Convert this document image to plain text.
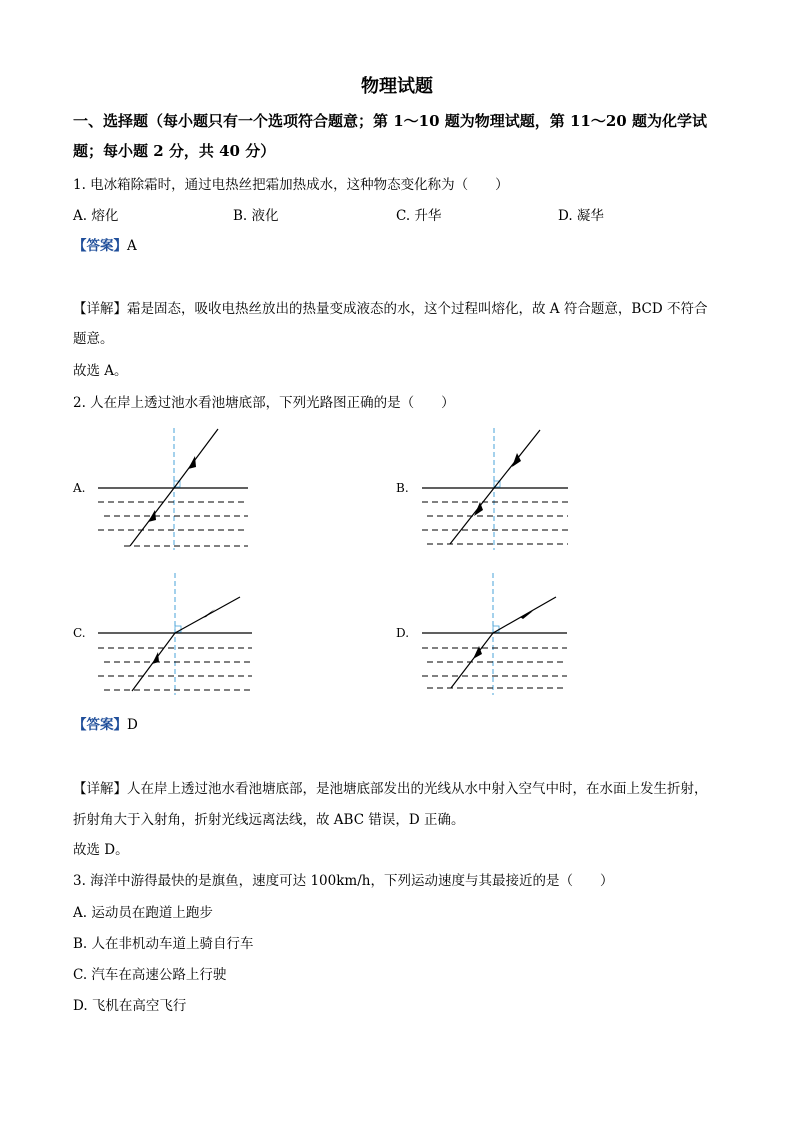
物理试题
一、选择题（每小题只有一个选项符合题意；第 1～10 题为物理试题，第 11～20 题为化学试
题；每小题 2 分，共 40 分）
1. 电冰箱除霜时，通过电热丝把霜加热成水，这种物态变化称为（　　）
A. 熔化	B. 液化	C. 升华	D. 凝华
【答案】A
【详解】霜是固态，吸收电热丝放出的热量变成液态的水，这个过程叫熔化，故 A 符合题意，BCD 不符合
题意。
故选 A。
2. 人在岸上透过池水看池塘底部，下列光路图正确的是（　　）
A.	B.
C.	D.
【答案】D
【详解】人在岸上透过池水看池塘底部，是池塘底部发出的光线从水中射入空气中时，在水面上发生折射，
折射角大于入射角，折射光线远离法线，故 ABC 错误，D 正确。
故选 D。
3. 海洋中游得最快的是旗鱼，速度可达 100km/h，下列运动速度与其最接近的是（　　）
A. 运动员在跑道上跑步
B. 人在非机动车道上骑自行车
C. 汽车在高速公路上行驶
D. 飞机在高空飞行
